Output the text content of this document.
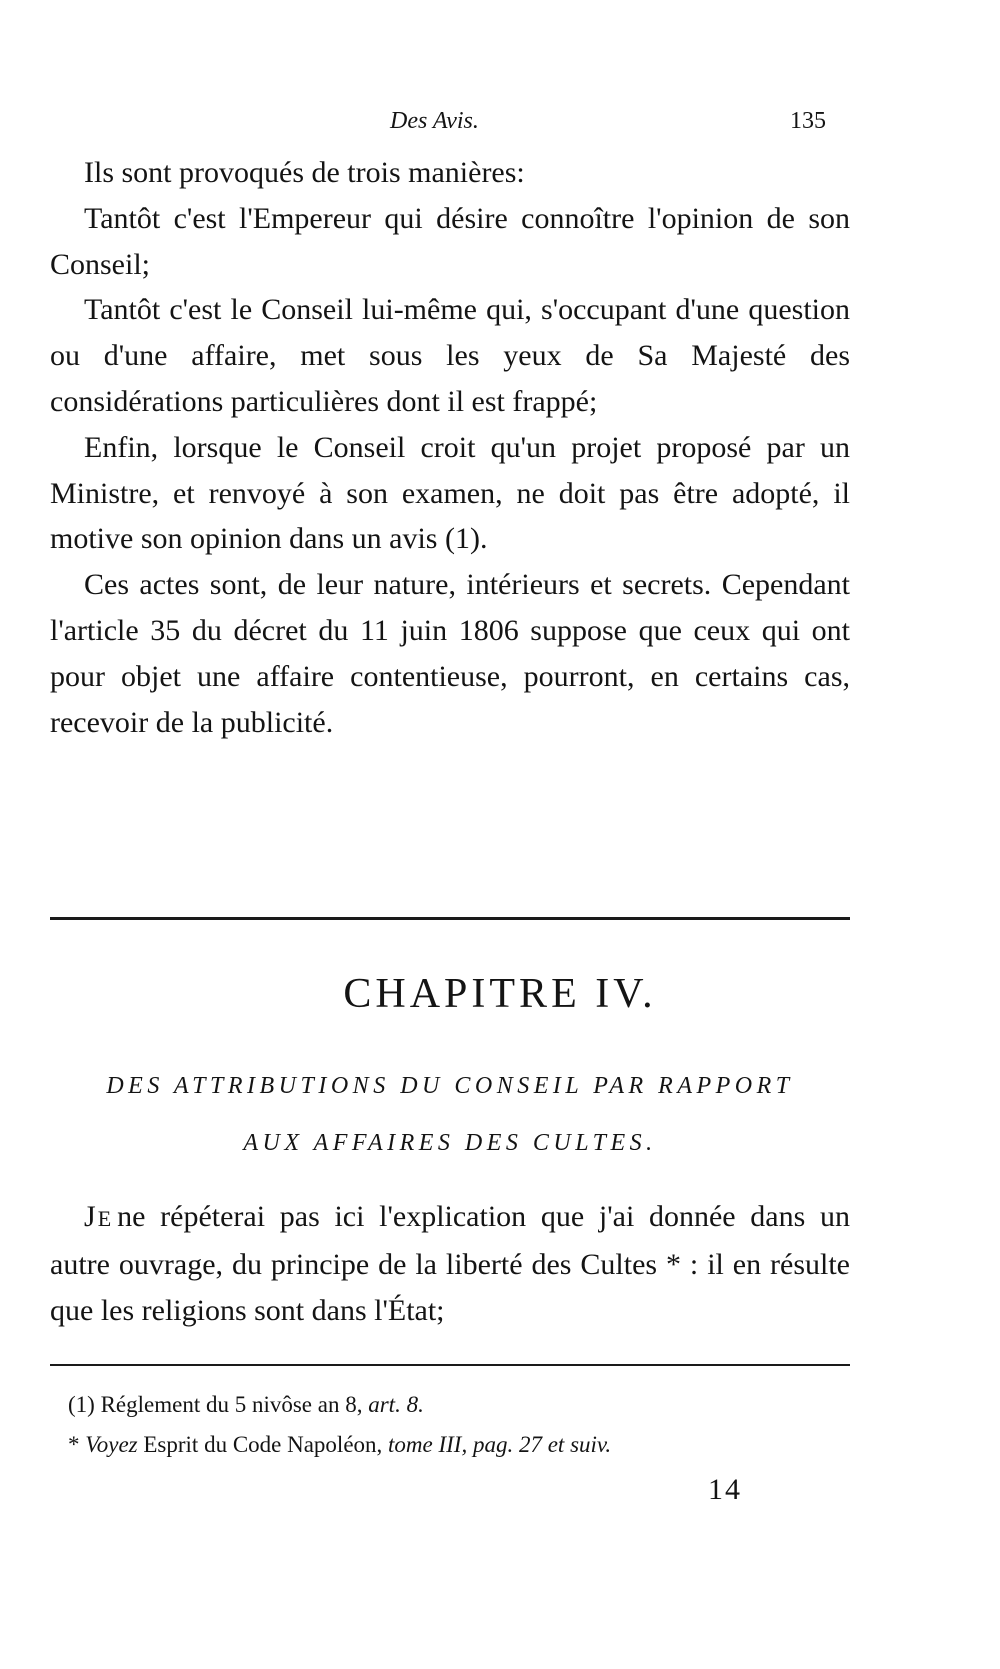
Des Avis.	135

Ils sont provoqués de trois manières:

Tantôt c'est l'Empereur qui désire connoître l'opinion de son Conseil;

Tantôt c'est le Conseil lui-même qui, s'occupant d'une question ou d'une affaire, met sous les yeux de Sa Majesté des considérations particulières dont il est frappé;

Enfin, lorsque le Conseil croit qu'un projet proposé par un Ministre, et renvoyé à son examen, ne doit pas être adopté, il motive son opinion dans un avis (1).

Ces actes sont, de leur nature, intérieurs et secrets. Cependant l'article 35 du décret du 11 juin 1806 suppose que ceux qui ont pour objet une affaire contentieuse, pourront, en certains cas, recevoir de la publicité.

CHAPITRE IV.
DES ATTRIBUTIONS DU CONSEIL PAR RAPPORT
AUX AFFAIRES DES CULTES.

JE ne répéterai pas ici l'explication que j'ai donnée dans un autre ouvrage, du principe de la liberté des Cultes * : il en résulte que les religions sont dans l'État;

(1) Réglement du 5 nivôse an 8, art. 8.

* Voyez Esprit du Code Napoléon, tome III, pag. 27 et suiv.

14
